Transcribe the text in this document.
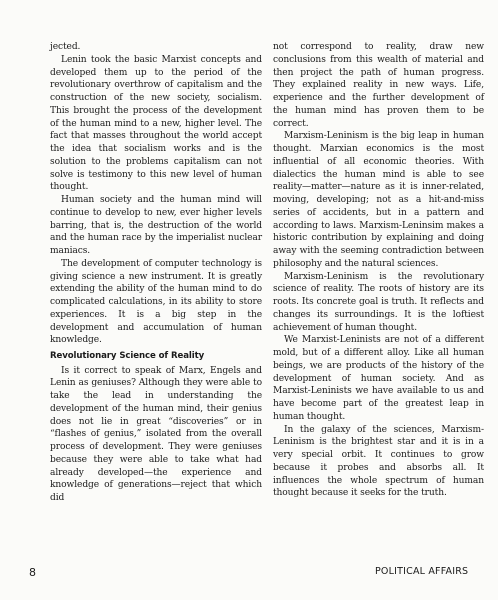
jected.

Lenin took the basic Marxist concepts and developed them up to the period of the revolutionary overthrow of capitalism and the construction of the new society, socialism. This brought the process of the development of the human mind to a new, higher level. The fact that masses throughout the world accept the idea that socialism works and is the solution to the problems capitalism can not solve is testimony to this new level of human thought.

Human society and the human mind will continue to develop to new, ever higher levels barring, that is, the destruction of the world and the human race by the imperialist nuclear maniacs.

The development of computer technology is giving science a new instrument. It is greatly extending the ability of the human mind to do complicated calculations, in its ability to store experiences. It is a big step in the development and accumulation of human knowledge.

Revolutionary Science of Reality

Is it correct to speak of Marx, Engels and Lenin as geniuses? Although they were able to take the lead in understanding the development of the human mind, their genius does not lie in great “discoveries” or in “flashes of genius,” isolated from the overall process of development. They were geniuses because they were able to take what had already developed—the experience and knowledge of generations—reject that which did

not correspond to reality, draw new conclusions from this wealth of material and then project the path of human progress. They explained reality in new ways. Life, experience and the further development of the human mind has proven them to be correct.

Marxism-Leninism is the big leap in human thought. Marxian economics is the most influential of all economic theories. With dialectics the human mind is able to see reality—matter—nature as it is inner-related, moving, developing; not as a hit-and-miss series of accidents, but in a pattern and according to laws. Marxism-Leninsim makes a historic contribution by explaining and doing away with the seeming contradiction between philosophy and the natural sciences.

Marxism-Leninism is the revolutionary science of reality. The roots of history are its roots. Its concrete goal is truth. It reflects and changes its surroundings. It is the loftiest achievement of human thought.

We Marxist-Leninists are not of a different mold, but of a different alloy. Like all human beings, we are products of the history of the development of human society. And as Marxist-Leninists we have available to us and have become part of the greatest leap in human thought.

In the galaxy of the sciences, Marxism-Leninism is the brightest star and it is in a very special orbit. It continues to grow because it probes and absorbs all. It influences the whole spectrum of human thought because it seeks for the truth.

8	POLITICAL AFFAIRS
